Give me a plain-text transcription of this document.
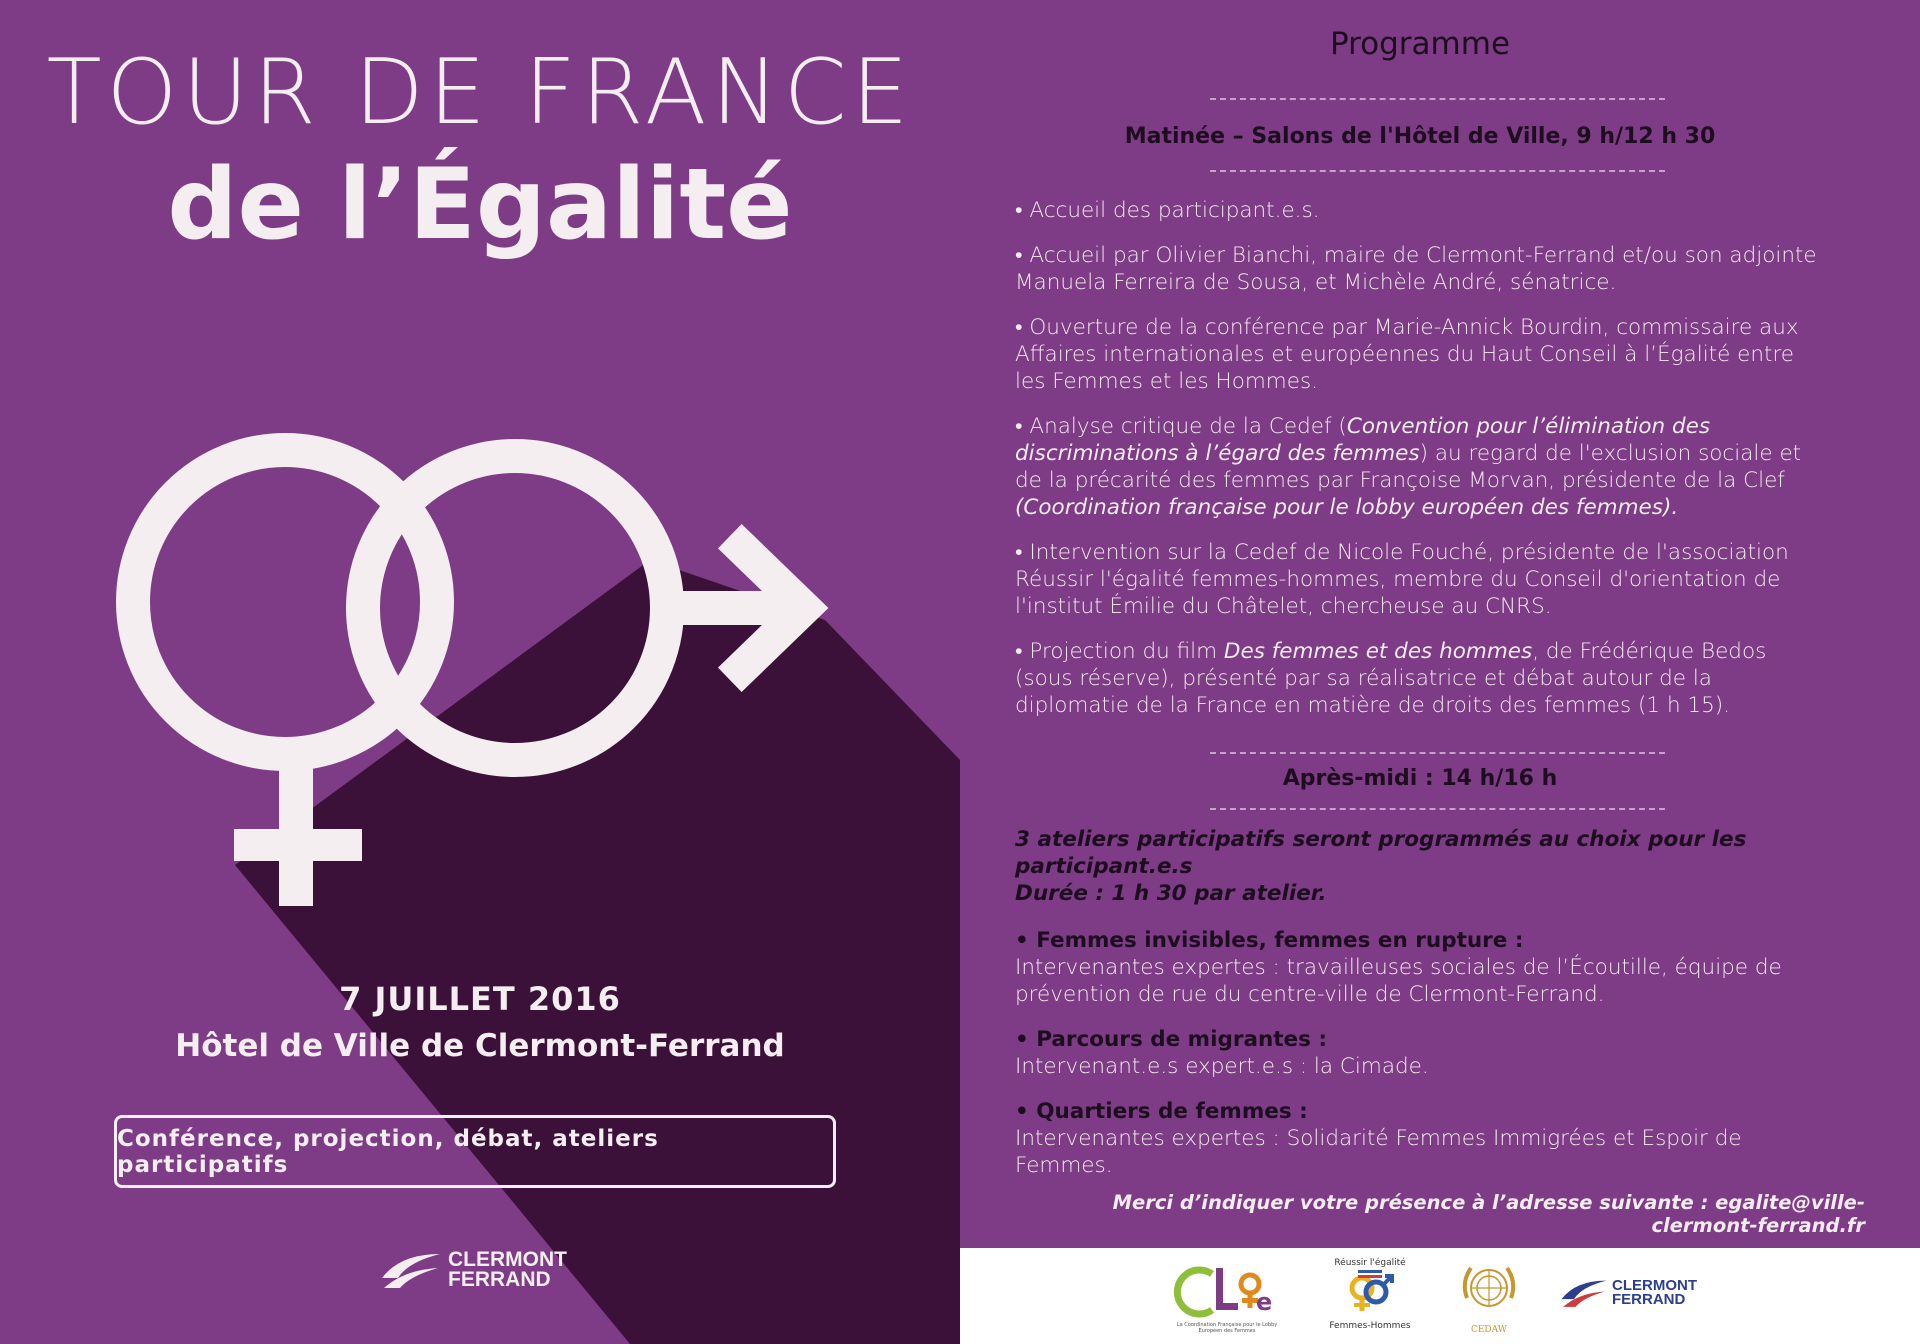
TOUR DE FRANCE
de l’Égalité
7 JUILLET 2016
Hôtel de Ville de Clermont-Ferrand
Conférence, projection, débat, ateliers participatifs
CLERMONT
FERRAND
Programme
Matinée – Salons de l'Hôtel de Ville, 9 h/12 h 30

• Accueil des participant.e.s.

• Accueil par Olivier Bianchi, maire de Clermont-Ferrand et/ou son adjointe Manuela Ferreira de Sousa, et Michèle André, sénatrice.

• Ouverture de la conférence par Marie-Annick Bourdin, commissaire aux Affaires internationales et européennes du Haut Conseil à l’Égalité entre les Femmes et les Hommes.

• Analyse critique de la Cedef (Convention pour l’élimination des discriminations à l’égard des femmes) au regard de l'exclusion sociale et de la précarité des femmes par Françoise Morvan, présidente de la Clef (Coordination française pour le lobby européen des femmes).

• Intervention sur la Cedef de Nicole Fouché, présidente de l'association Réussir l'égalité femmes-hommes, membre du Conseil d'orientation de l'institut Émilie du Châtelet, chercheuse au CNRS.

• Projection du film Des femmes et des hommes, de Frédérique Bedos (sous réserve), présenté par sa réalisatrice et débat autour de la diplomatie de la France en matière de droits des femmes (1 h 15).

Après-midi : 14 h/16 h

3 ateliers participatifs seront programmés au choix pour les participant.e.s
Durée : 1 h 30 par atelier.

• Femmes invisibles, femmes en rupture :
Intervenantes expertes : travailleuses sociales de l’Écoutille, équipe de prévention de rue du centre-ville de Clermont-Ferrand.

• Parcours de migrantes :
Intervenant.e.s expert.e.s : la Cimade.

• Quartiers de femmes :
Intervenantes expertes : Solidarité Femmes Immigrées et Espoir de Femmes.

Merci d’indiquer votre présence à l’adresse suivante : egalite@ville-clermont-ferrand.fr
e
La Coordination Française pour le Lobby Européen des Femmes
Réussir l'égalité
Femmes-Hommes	CEDAW
CLERMONT
FERRAND
